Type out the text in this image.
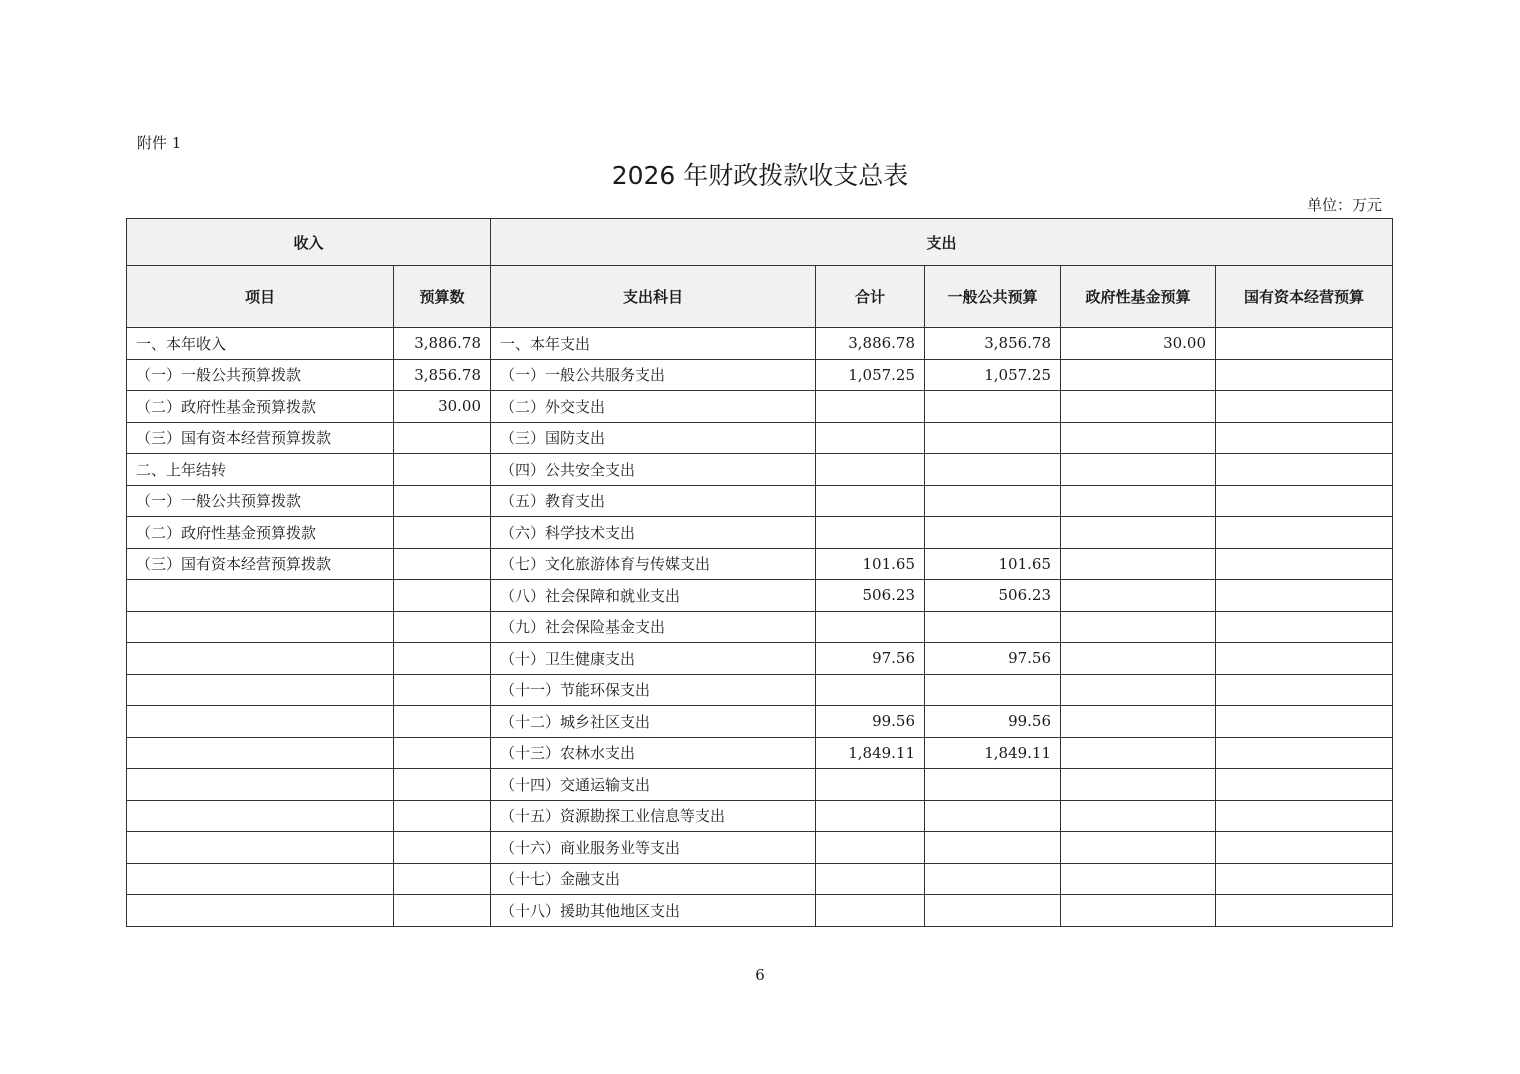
附件 1
2026 年财政拨款收支总表
单位：万元
收入		支出				
项目	预算数	支出科目	合计	一般公共预算	政府性基金预算	国有资本经营预算
一、本年收入	3,886.78	一、本年支出	3,886.78	3,856.78	30.00	
（一）一般公共预算拨款	3,856.78	（一）一般公共服务支出	1,057.25	1,057.25		
（二）政府性基金预算拨款	30.00	（二）外交支出				
（三）国有资本经营预算拨款		（三）国防支出				
二、上年结转		（四）公共安全支出				
（一）一般公共预算拨款		（五）教育支出				
（二）政府性基金预算拨款		（六）科学技术支出				
（三）国有资本经营预算拨款		（七）文化旅游体育与传媒支出	101.65	101.65		
		（八）社会保障和就业支出	506.23	506.23		
		（九）社会保险基金支出				
		（十）卫生健康支出	97.56	97.56		
		（十一）节能环保支出				
		（十二）城乡社区支出	99.56	99.56		
		（十三）农林水支出	1,849.11	1,849.11		
		（十四）交通运输支出				
		（十五）资源勘探工业信息等支出				
		（十六）商业服务业等支出				
		（十七）金融支出				
		（十八）援助其他地区支出				
6
